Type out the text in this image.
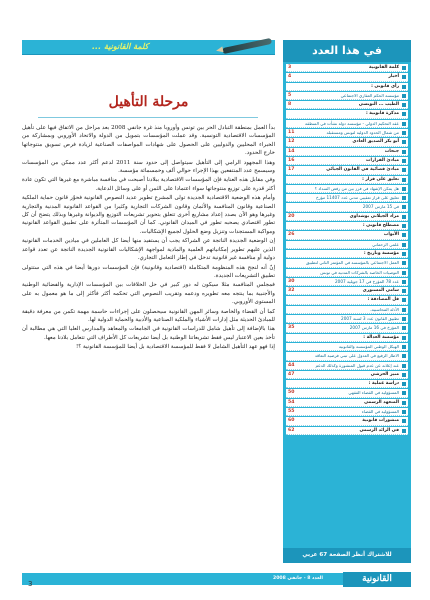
كلمة القانونية ...
مرحلة التأهيل

بدأ العمل بمنطقة التبادل الحر بين تونس وأوروبا منذ غرة جانفي 2008 بعد مراحل من الاتفاق فيها على تأهيل المؤسسات الاقتصادية التونسية. وقد عملت المؤسسات بتمويل من الدولة والاتحاد الأوروبي وبمشاركة من الخبراء المحليين والدوليين على الحصول على شهادات المواصفات الصناعية لزيادة فرص تسويق منتوجاتها خارج الحدود.

وهذا المجهود الرامي إلى التأهيل سيتواصل إلى حدود سنة 2011 لدعم أكثر عدد ممكن من المؤسسات وسيسمح عدد المنتفعين بهذا الإجراء حوالي ألف وخمسمائة مؤسسة.

وفي مقابل هذه العناية فإن المؤسسات الاقتصادية ببلادنا أصبحت في منافسة مباشرة مع غيرها التي تكون عادة أكثر قدرة على توزيع منتوجاتها سواء اعتمادا على الثمن أو على وسائل الدعاية.

وأمام هذه الوضعية الاقتصادية الجديدة تولى المشرع تطوير عديد النصوص القانونية فحوّر قانون حماية الملكية الصناعية وقانون المنافسة والأثمان وقانون الشركات التجارية وكثيرا من القواعد القانونية المدنية والتجارية وغيرها وهو الآن بصدد إعداد مشاريع أخرى تتعلق بتحوير تشريعات التوزيع والديوانة وغيرها وبذلك يتضح أن كل تطور اقتصادي يصحبه تطور في الميدان القانوني. كما أن المؤسسات المتأثرة على تطبيق القواعد القانونية ومواكبة المستجدات وتنزيل وضع الحلول لجميع الإشكاليات.

إن الوضعية الجديدة الناتجة عن الشراكة يجب أن يستفيد منها أيضا كل العاملين في ميادين الخدمات القانونية الذين عليهم تطوير إمكانياتهم العلمية والمادية لمواجهة الإشكاليات القانونية الجديدة الناتجة عن تعدد قواعد دولية أو منافسة غير قانونية تدخل في إطار التعامل التجاري.

إنّ أنه لنجح هذه المنظومة المتكاملة (اقتصادية وقانونية) فإن المؤسسات دورها أيضا في هذه التي ستتولى تطبيق التشريعات الجديدة.

فمجلس المنافسة مثلا سيكون له دور كبير في حل الخلافات بين المؤسسات الإدارية والفضائية الوطنية والأجنبية بما ينتجه معه تطويره ودعمه وتقريب النصوص التي تحكمه أكثر فأكثر إلى ما هو معمول به على المستوى الأوروبي.

كما أن القضاء والخاصة وسائر المهن القانونية سيحصلون على إجراءات حاسمة مهمة تكمن من معرفة دقيقة للمبادئ الحديثة مثل إدارات الأشياء والملكية الصناعية والأدبية والحماية الدولية لها.

هذا بالإضافة إلى تأهيل شامل للدراسات القانونية في الجامعات والمعاهد والمدارس العليا التي هي مطالبة أن تأخذ بعين الاعتبار ليس فقط تشريعاتنا الوطنية بل أيضا تشريعات كل الأطراف التي تتعامل بلادنا معها.

إذا فهو عهد التأهيل الشامل لا فقط للمؤسسة الاقتصادية بل أيضا للمؤسسة القانونية ؟!

في هذا العدد
كلمة القانونية
3
أخبار
4
رأي قانوني :
مؤسسة الحكم العقاري الاجتماعي
5
الطيب ... التونسي
8
مذكرة قانونية :
عقد التحكيم الدولي - مؤسسة دولة نشأت في المنطقة
من شمال الحدود الدولية لتونس ومستقبله
11
أبو بكر الصديق العادي
12
جنحات
14
مبادئ القرارات
16
مبادئ قضائية في القانون الجبائي
17
تعليق على قرار :
هل يمكن الإشهاد في فرز بين من رفض السداد ؟
تعليق على قرار تعقيبي مدني عدد 11407 مؤرخ
في 15 مارس 2007
مراد الجيلاني بوشداوي
20
مصطلح قانوني :
الأبواب
26
علمي الرحماني
مؤسسة وتاريخ :
العمل الاجتماعي بالمؤسسة في المؤتمر الثاني لتطبيق
التوصيات الخاصة بالشركات المدنية في تونس
عدد 78 المؤرخ في 17 جويلية 2007
30
سامي المستوري
32
قل المصادقة :
الأدلة المحاسبية،
تطبيق القانون عدد 3 لسنة 2007
المؤرخ في 16 مارس 2007
35
مؤسسة العدالة :
الهيكل الوطني المؤسسة والقانونية
الاطار الرفيع في العدول على تبني فرضية التعاقد
عند إعلانه عن عدم قبول المنشورة وكذلك الدعم
44
منير الحرشي
47
دراسة عملية :
المسؤولية في القضاء الفقهي
50
المتعهد الرسمي
54
المسؤولية في القضاء
55
منشورات قانونية
60
في الرائد الرسمي
62
للاشتراك أنظر الصفحة 67 عربي
القانونية
العدد 8 - جانفي 2008
3
